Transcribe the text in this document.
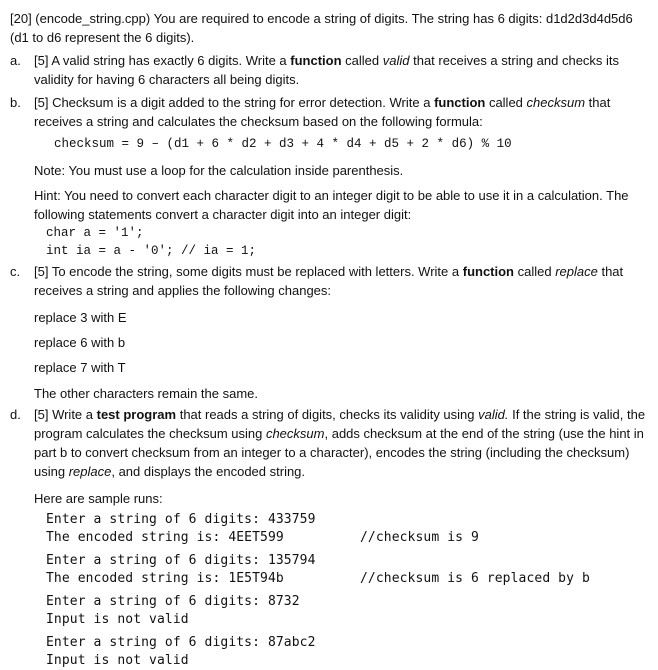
[20] (encode_string.cpp) You are required to encode a string of digits. The string has 6 digits: d1d2d3d4d5d6
(d1 to d6 represent the 6 digits).
a. [5] A valid string has exactly 6 digits. Write a function called valid that receives a string and checks its
validity for having 6 characters all being digits.
b. [5] Checksum is a digit added to the string for error detection. Write a function called checksum that
receives a string and calculates the checksum based on the following formula:
checksum = 9 – (d1 + 6 * d2 + d3 + 4 * d4 + d5 + 2 * d6) % 10
Note: You must use a loop for the calculation inside parenthesis.
Hint: You need to convert each character digit to an integer digit to be able to use it in a calculation. The
following statements convert a character digit into an integer digit:
char a = '1';
int ia = a - '0'; // ia = 1;
c. [5] To encode the string, some digits must be replaced with letters. Write a function called replace that
receives a string and applies the following changes:
replace 3 with E
replace 6 with b
replace 7 with T
The other characters remain the same.
d. [5] Write a test program that reads a string of digits, checks its validity using valid. If the string is valid, the
program calculates the checksum using checksum, adds checksum at the end of the string (use the hint in
part b to convert checksum from an integer to a character), encodes the string (including the checksum)
using replace, and displays the encoded string.
Here are sample runs:
Enter a string of 6 digits: 433759
The encoded string is: 4EET599	//checksum is 9
Enter a string of 6 digits: 135794
The encoded string is: 1E5T94b	//checksum is 6 replaced by b
Enter a string of 6 digits: 8732
Input is not valid
Enter a string of 6 digits: 87abc2
Input is not valid
